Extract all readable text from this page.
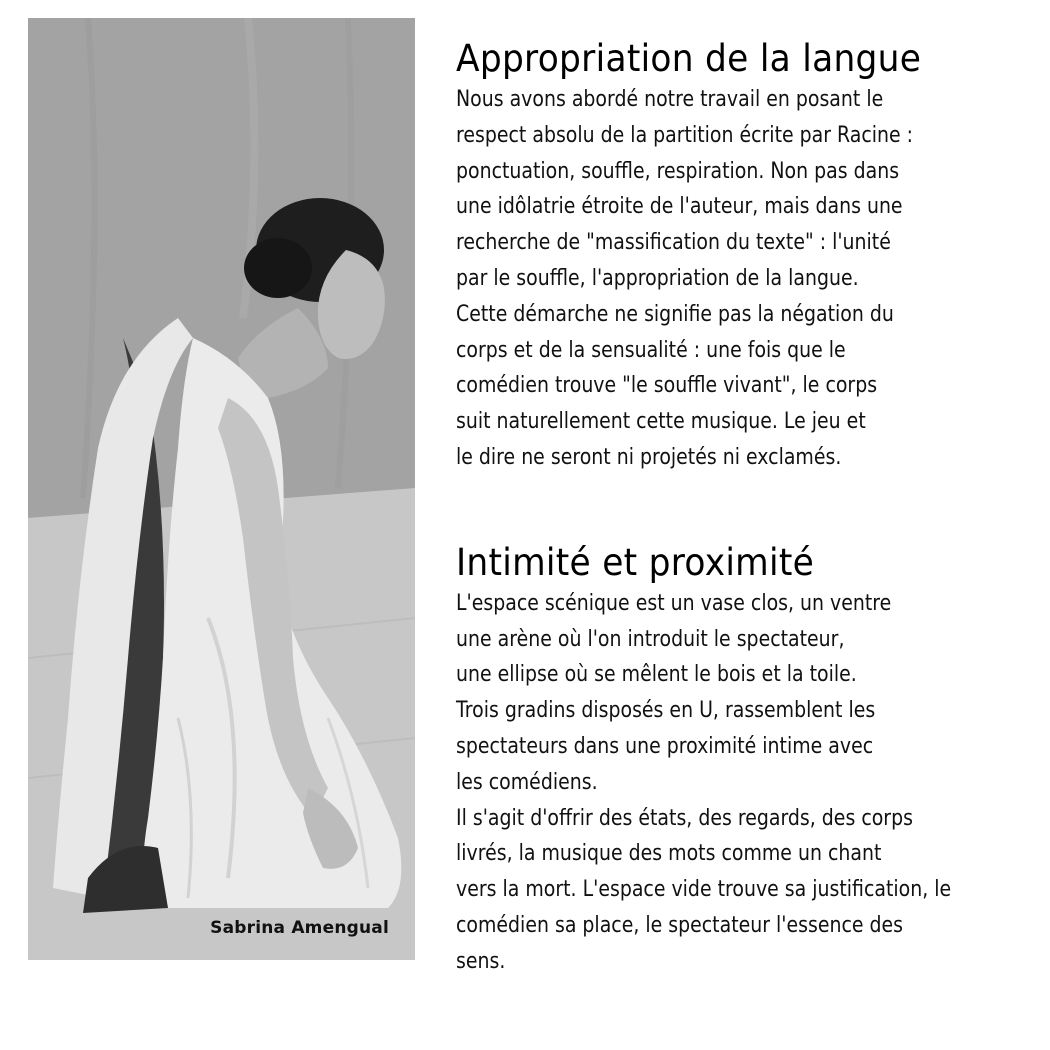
Sabrina Amengual
Appropriation de la langue
Nous avons abordé notre travail en posant le
respect absolu de la partition écrite par Racine :
ponctuation, souffle, respiration. Non pas dans
une idôlatrie étroite de l'auteur, mais dans une
recherche de "massification du texte" : l'unité
par le souffle, l'appropriation de la langue.
Cette démarche ne signifie pas la négation du
corps et de la sensualité : une fois que le
comédien trouve "le souffle vivant", le corps
suit naturellement cette musique. Le jeu et
le dire ne seront ni projetés ni exclamés.
Intimité et proximité
L'espace scénique est un vase clos, un ventre
une arène où l'on introduit le spectateur,
une ellipse où se mêlent le bois et la toile.
Trois gradins disposés en U, rassemblent les
spectateurs dans une proximité intime avec
les comédiens.
Il s'agit d'offrir des états, des regards, des corps
livrés, la musique des mots comme un chant
vers la mort. L'espace vide trouve sa justification, le
comédien sa place, le spectateur l'essence des
sens.
